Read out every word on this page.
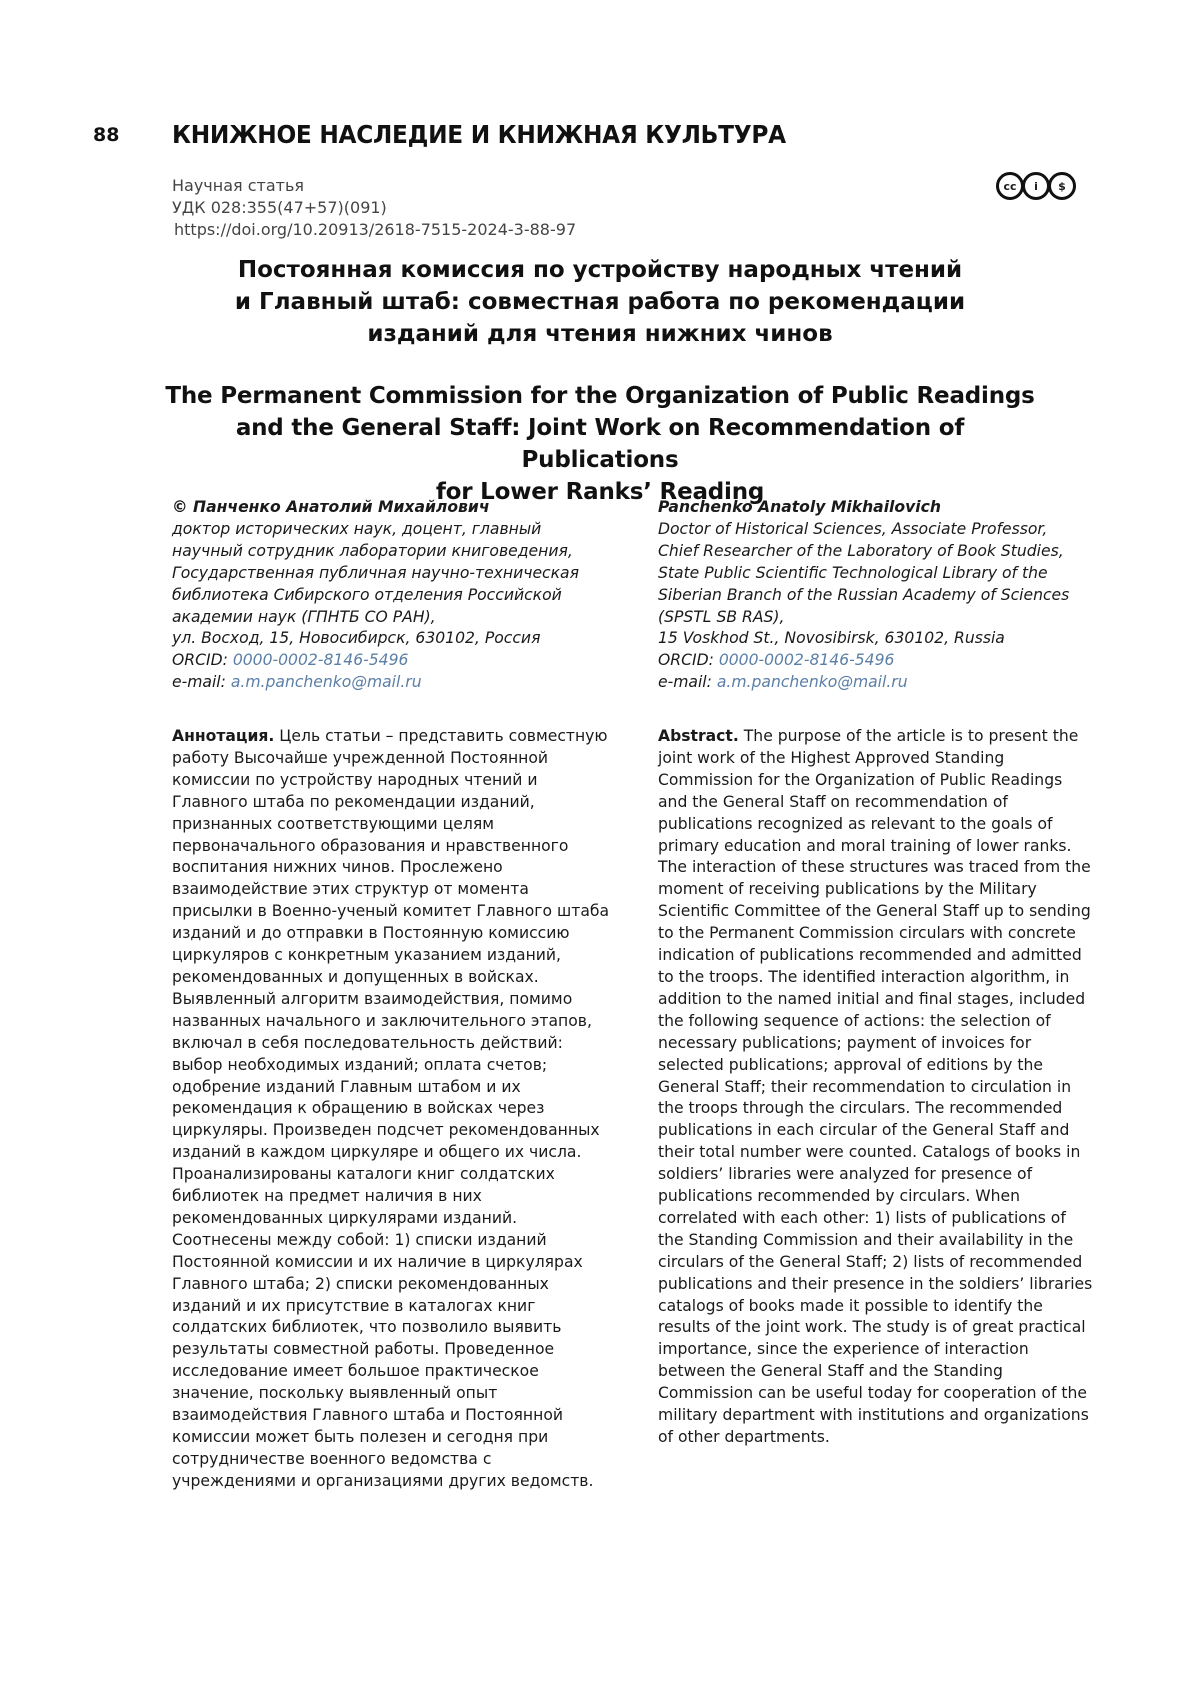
88 КНИЖНОЕ НАСЛЕДИЕ И КНИЖНАЯ КУЛЬТУРА
Научная статья
УДК 028:355(47+57)(091)
https://doi.org/10.20913/2618-7515-2024-3-88-97
cc	i	$
Постоянная комиссия по устройству народных чтений
и Главный штаб: совместная работа по рекомендации
изданий для чтения нижних чинов
The Permanent Commission for the Organization of Public Readings
and the General Staff: Joint Work on Recommendation of Publications
for Lower Ranks’ Reading
© Панченко Анатолий Михайлович
доктор исторических наук, доцент, главный
научный сотрудник лаборатории книговедения,
Государственная публичная научно-техническая
библиотека Сибирского отделения Российской
академии наук (ГПНТБ СО РАН),
ул. Восход, 15, Новосибирск, 630102, Россия
ORCID: 0000-0002-8146-5496
e-mail: a.m.panchenko@mail.ru
Panchenko Anatoly Mikhailovich
Doctor of Historical Sciences, Associate Professor,
Chief Researcher of the Laboratory of Book Studies,
State Public Scientific Technological Library of the
Siberian Branch of the Russian Academy of Sciences
(SPSTL SB RAS),
15 Voskhod St., Novosibirsk, 630102, Russia
ORCID: 0000-0002-8146-5496
e-mail: a.m.panchenko@mail.ru

Аннотация. Цель статьи – представить совместную работу Высочайше учрежденной Постоянной комиссии по устройству народных чтений и Главного штаба по рекомендации изданий, признанных соответствующими целям первоначального образования и нравственного воспитания нижних чинов. Прослежено взаимодействие этих структур от момента присылки в Военно-ученый комитет Главного штаба изданий и до отправки в Постоянную комиссию циркуляров с конкретным указанием изданий, рекомендованных и допущенных в войсках. Выявленный алгоритм взаимодействия, помимо названных начального и заключительного этапов, включал в себя последовательность действий: выбор необходимых изданий; оплата счетов; одобрение изданий Главным штабом и их рекомендация к обращению в войсках через циркуляры. Произведен подсчет рекомендованных изданий в каждом циркуляре и общего их числа. Проанализированы каталоги книг солдатских библиотек на предмет наличия в них рекомендованных циркулярами изданий. Соотнесены между собой: 1) списки изданий Постоянной комиссии и их наличие в циркулярах Главного штаба; 2) списки рекомендованных изданий и их присутствие в каталогах книг солдатских библиотек, что позволило выявить результаты совместной работы. Проведенное исследование имеет большое практическое значение, поскольку выявленный опыт взаимодействия Главного штаба и Постоянной комиссии может быть полезен и сегодня при сотрудничестве военного ведомства с учреждениями и организациями других ведомств.

Abstract. The purpose of the article is to present the joint work of the Highest Approved Standing Commission for the Organization of Public Readings and the General Staff on recommendation of publications recognized as relevant to the goals of primary education and moral training of lower ranks. The interaction of these structures was traced from the moment of receiving publications by the Military Scientific Committee of the General Staff up to sending to the Permanent Commission circulars with concrete indication of publications recommended and admitted to the troops. The identified interaction algorithm, in addition to the named initial and final stages, included the following sequence of actions: the selection of necessary publications; payment of invoices for selected publications; approval of editions by the General Staff; their recommendation to circulation in the troops through the circulars. The recommended publications in each circular of the General Staff and their total number were counted. Catalogs of books in soldiers’ libraries were analyzed for presence of publications recommended by circulars. When correlated with each other: 1) lists of publications of the Standing Commission and their availability in the circulars of the General Staff; 2) lists of recommended publications and their presence in the soldiers’ libraries catalogs of books made it possible to identify the results of the joint work. The study is of great practical importance, since the experience of interaction between the General Staff and the Standing Commission can be useful today for cooperation of the military department with institutions and organizations of other departments.
